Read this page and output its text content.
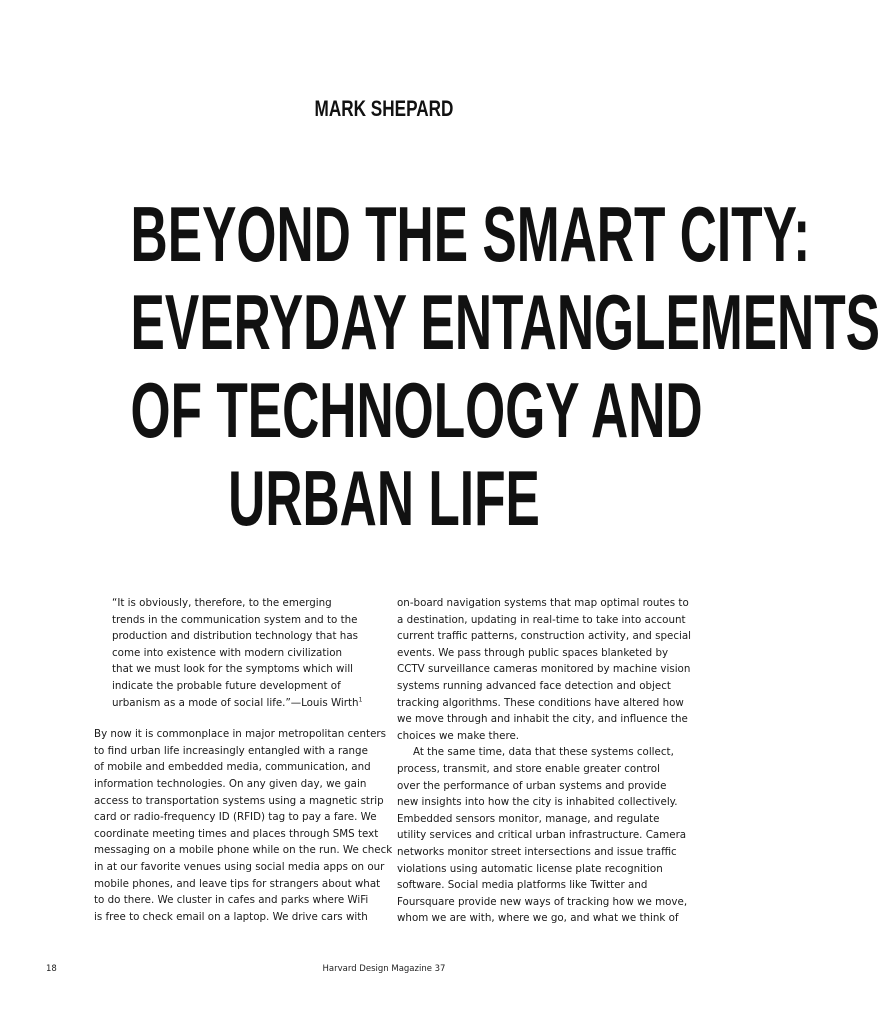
MARK SHEPARD
BEYOND THE SMART CITY:
EVERYDAY ENTANGLEMENTS
OF TECHNOLOGY AND
URBAN LIFE
“It is obviously, therefore, to the emerging
trends in the communication system and to the
production and distribution technology that has
come into existence with modern civilization
that we must look for the symptoms which will
indicate the probable future development of
urbanism as a mode of social life.”—Louis Wirth$^1$
By now it is commonplace in major metropolitan centers
to find urban life increasingly entangled with a range
of mobile and embedded media, communication, and
information technologies. On any given day, we gain
access to transportation systems using a magnetic strip
card or radio-frequency ID (RFID) tag to pay a fare. We
coordinate meeting times and places through SMS text
messaging on a mobile phone while on the run. We check
in at our favorite venues using social media apps on our
mobile phones, and leave tips for strangers about what
to do there. We cluster in cafes and parks where WiFi
is free to check email on a laptop. We drive cars with
on-board navigation systems that map optimal routes to
a destination, updating in real-time to take into account
current traffic patterns, construction activity, and special
events. We pass through public spaces blanketed by
CCTV surveillance cameras monitored by machine vision
systems running advanced face detection and object
tracking algorithms. These conditions have altered how
we move through and inhabit the city, and influence the
choices we make there.
At the same time, data that these systems collect,
process, transmit, and store enable greater control
over the performance of urban systems and provide
new insights into how the city is inhabited collectively.
Embedded sensors monitor, manage, and regulate
utility services and critical urban infrastructure. Camera
networks monitor street intersections and issue traffic
violations using automatic license plate recognition
software. Social media platforms like Twitter and
Foursquare provide new ways of tracking how we move,
whom we are with, where we go, and what we think of
18	Harvard Design Magazine 37
